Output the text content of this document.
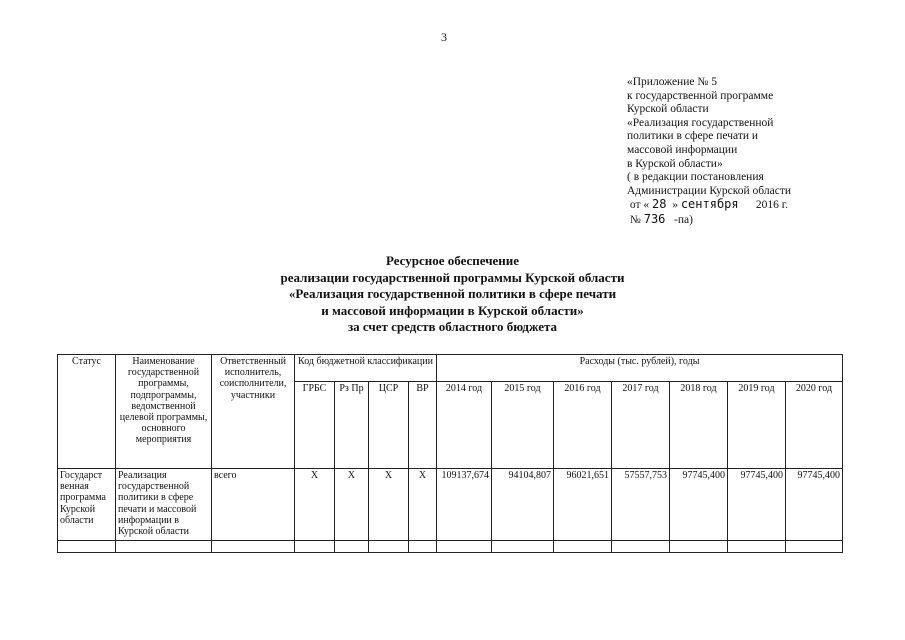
3
«Приложение № 5
к государственной программе
Курской области
«Реализация государственной
политики в сфере печати и
массовой информации
в Курской области»
( в редакции постановления
Администрации Курской области
от « 28 » сентября 2016 г.
№ 736 -па)
Ресурсное обеспечение
реализации государственной программы Курской области
«Реализация государственной политики в сфере печати
и массовой информации в Курской области»
за счет средств областного бюджета
Статус	Наименование государственной программы, подпрограммы, ведомственной целевой программы, основного мероприятия	Ответственный исполнитель, соисполнители, участники	Код бюджетной классификации				Расходы (тыс. рублей), годы						
			ГРБС	Рз Пр	ЦСР	ВР	2014 год	2015 год	2016 год	2017 год	2018 год	2019 год	2020 год
Государст венная программа Курской области	Реализация государственной политики в сфере печати и массовой информации в Курской области	всего	Х	Х	Х	Х	109137,674	94104,807	96021,651	57557,753	97745,400	97745,400	97745,400
